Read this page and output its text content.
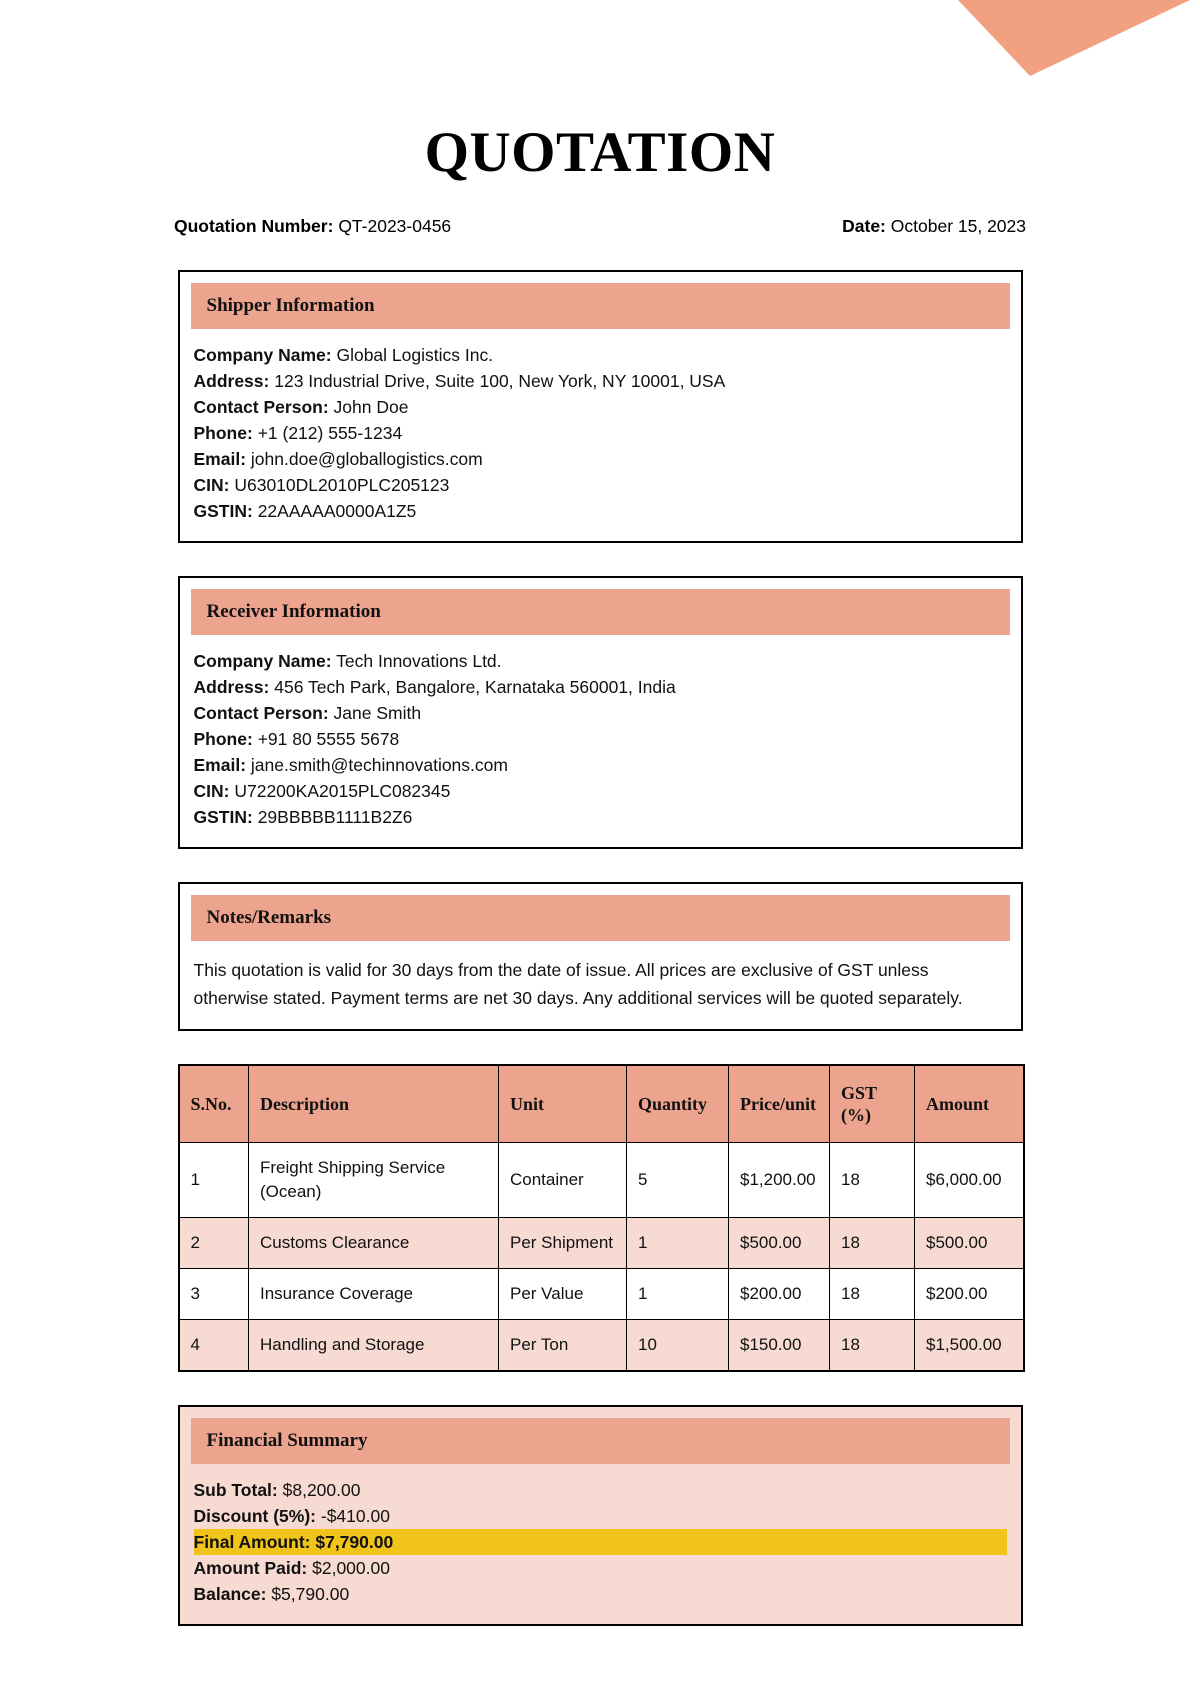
QUOTATION
Quotation Number: QT-2023-0456	Date: October 15, 2023
Shipper Information

Company Name: Global Logistics Inc.

Address: 123 Industrial Drive, Suite 100, New York, NY 10001, USA

Contact Person: John Doe

Phone: +1 (212) 555-1234

Email: john.doe@globallogistics.com

CIN: U63010DL2010PLC205123

GSTIN: 22AAAAA0000A1Z5

Receiver Information

Company Name: Tech Innovations Ltd.

Address: 456 Tech Park, Bangalore, Karnataka 560001, India

Contact Person: Jane Smith

Phone: +91 80 5555 5678

Email: jane.smith@techinnovations.com

CIN: U72200KA2015PLC082345

GSTIN: 29BBBBB1111B2Z6

Notes/Remarks
This quotation is valid for 30 days from the date of issue. All prices are exclusive of GST unless otherwise stated. Payment terms are net 30 days. Any additional services will be quoted separately.
S.No.	Description	Unit	Quantity	Price/unit	GST (%)	Amount
1	Freight Shipping Service (Ocean)	Container	5	$1,200.00	18	$6,000.00
2	Customs Clearance	Per Shipment	1	$500.00	18	$500.00
3	Insurance Coverage	Per Value	1	$200.00	18	$200.00
4	Handling and Storage	Per Ton	10	$150.00	18	$1,500.00
Financial Summary
Sub Total: $8,200.00
Discount (5%): -$410.00
Final Amount: $7,790.00
Amount Paid: $2,000.00
Balance: $5,790.00
